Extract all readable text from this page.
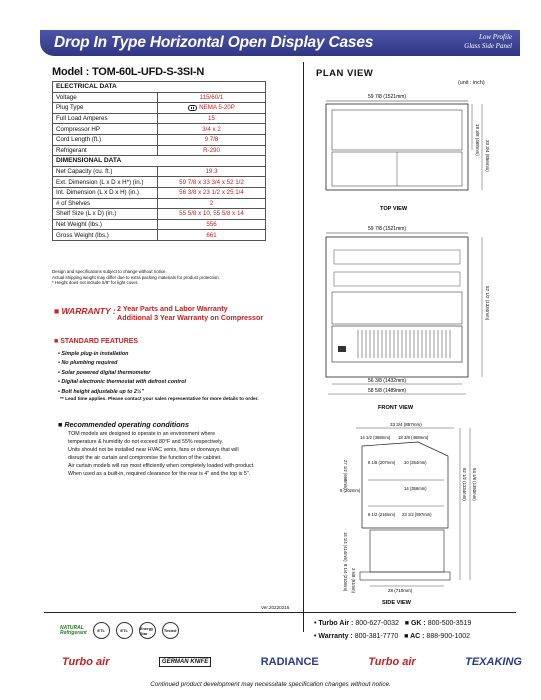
Drop In Type Horizontal Open Display Cases	Low Profile
Glass Side Panel
Model : TOM-60L-UFD-S-3SI-N
ELECTRICAL DATA	
Voltage	115/60/1
Plug Type	NEMA 5-20P
Full Load Amperes	15
Compressor HP	3/4 x 2
Cord Length (ft.)	9 7/8
Refrigerant	R-290
DIMENSIONAL DATA	
Net Capacity (cu. ft.)	19.3
Ext. Dimension (L x D x H*) (in.)	59 7/8 x 33 3/4 x 52 1/2
Int. Dimension (L x D x H) (in.)	56 3/8 x 23 1/2 x 25 1/4
# of Shelves	2
Shelf Size (L x D) (in.)	55 5/8 x 10, 55 5/8 x 14
Net Weight (lbs.)	556
Gross Weight (lbs.)	661
Design and specifications subject to change without notice.
Actual shipping weight may differ due to extra packing materials for product protection.
* Height does not include 5/8" for light cover.
■ WARRANTY : 2 Year Parts and Labor Warranty
Additional 3 Year Warranty on Compressor
■ STANDARD FEATURES
• Simple plug-in installation
• No plumbing required
• Solar powered digital thermometer
• Digital electronic thermostat with defrost control
• Bolt height adjustable up to 2½"
** Lead time applies. Please contact your sales representative for more details to order.
■ Recommended operating conditions
TOM models are designed to operate in an environment where
temperature & humidity do not exceed 80°F and 55% respectively.
Units should not be installed near HVAC vents, fans or doorways that will
disrupt the air curtain and compromise the function of the cabinet.
Air curtain models will run most efficiently when completely loaded with product.
When used as a built-in, required clearance for the rear is 4" and the top is 5".
PLAN VIEW
(unit : inch)
59 7/8 (1521mm)
18 3/8 (468mm)
33 3/4 (856mm)
TOP VIEW
59 7/8 (1521mm)
52 1/2 (1334mm)
56 3/8 (1432mm)
58 5/8 (1489mm)
FRONT VIEW
33 3/4 (857mm)
14 1/2 (368mm) 18 3/8 (468mm)
8 1/8 (207mm) 10 (254mm)
8 (202mm)	14 (356mm)
8 1/2 (216mm) 23 1/2 (597mm)
27 1/2 (698mm)
16 1/4 (414mm)
8 1/4 (210mm) 3 5/8 (91mm)	28 (710mm)
52 1/2 (1334mm) 53 1/8 (1350mm)
SIDE VIEW
Ver.20220215
NATURAL
Refrigerant	ETL	ETL	Energy Star	Tested
• Turbo Air : 800-627-0032 ■ GK : 800-500-3519
• Warranty : 800-381-7770 ■ AC : 888-900-1002
Turbo air	GERMAN KNIFE	RADIANCE	Turbo air	TEXAKING
Continued product development may necessitate specification changes without notice.
